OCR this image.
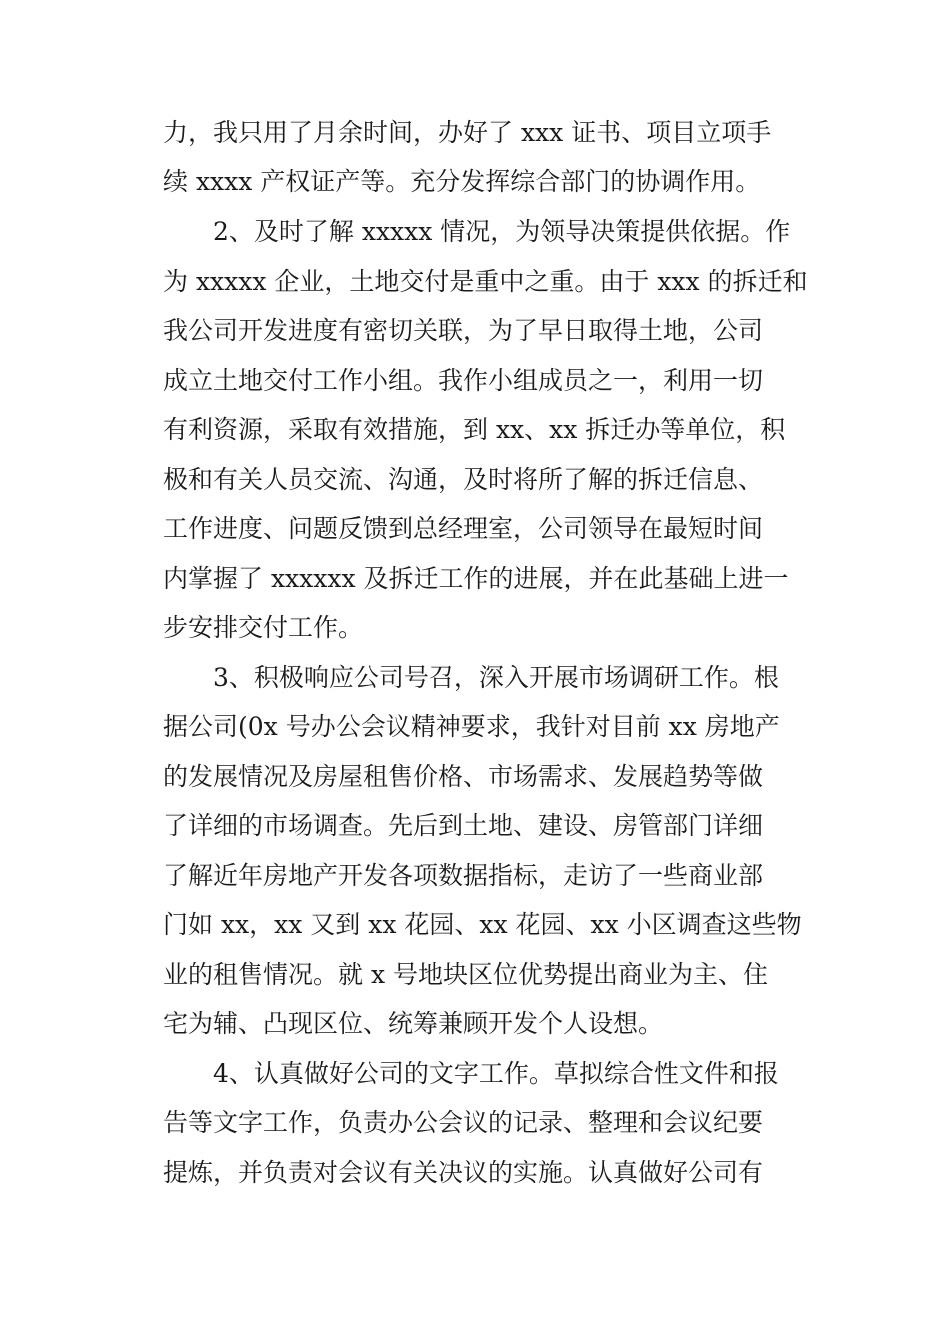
力，我只用了月余时间，办好了 xxx 证书、项目立项手
续 xxxx 产权证产等。充分发挥综合部门的协调作用。
2、及时了解 xxxxx 情况，为领导决策提供依据。作
为 xxxxx 企业，土地交付是重中之重。由于 xxx 的拆迁和
我公司开发进度有密切关联，为了早日取得土地，公司
成立土地交付工作小组。我作小组成员之一，利用一切
有利资源，采取有效措施，到 xx、xx 拆迁办等单位，积
极和有关人员交流、沟通，及时将所了解的拆迁信息、
工作进度、问题反馈到总经理室，公司领导在最短时间
内掌握了 xxxxxx 及拆迁工作的进展，并在此基础上进一
步安排交付工作。
3、积极响应公司号召，深入开展市场调研工作。根
据公司(0x 号办公会议精神要求，我针对目前 xx 房地产
的发展情况及房屋租售价格、市场需求、发展趋势等做
了详细的市场调查。先后到土地、建设、房管部门详细
了解近年房地产开发各项数据指标，走访了一些商业部
门如 xx，xx 又到 xx 花园、xx 花园、xx 小区调查这些物
业的租售情况。就 x 号地块区位优势提出商业为主、住
宅为辅、凸现区位、统筹兼顾开发个人设想。
4、认真做好公司的文字工作。草拟综合性文件和报
告等文字工作，负责办公会议的记录、整理和会议纪要
提炼，并负责对会议有关决议的实施。认真做好公司有
